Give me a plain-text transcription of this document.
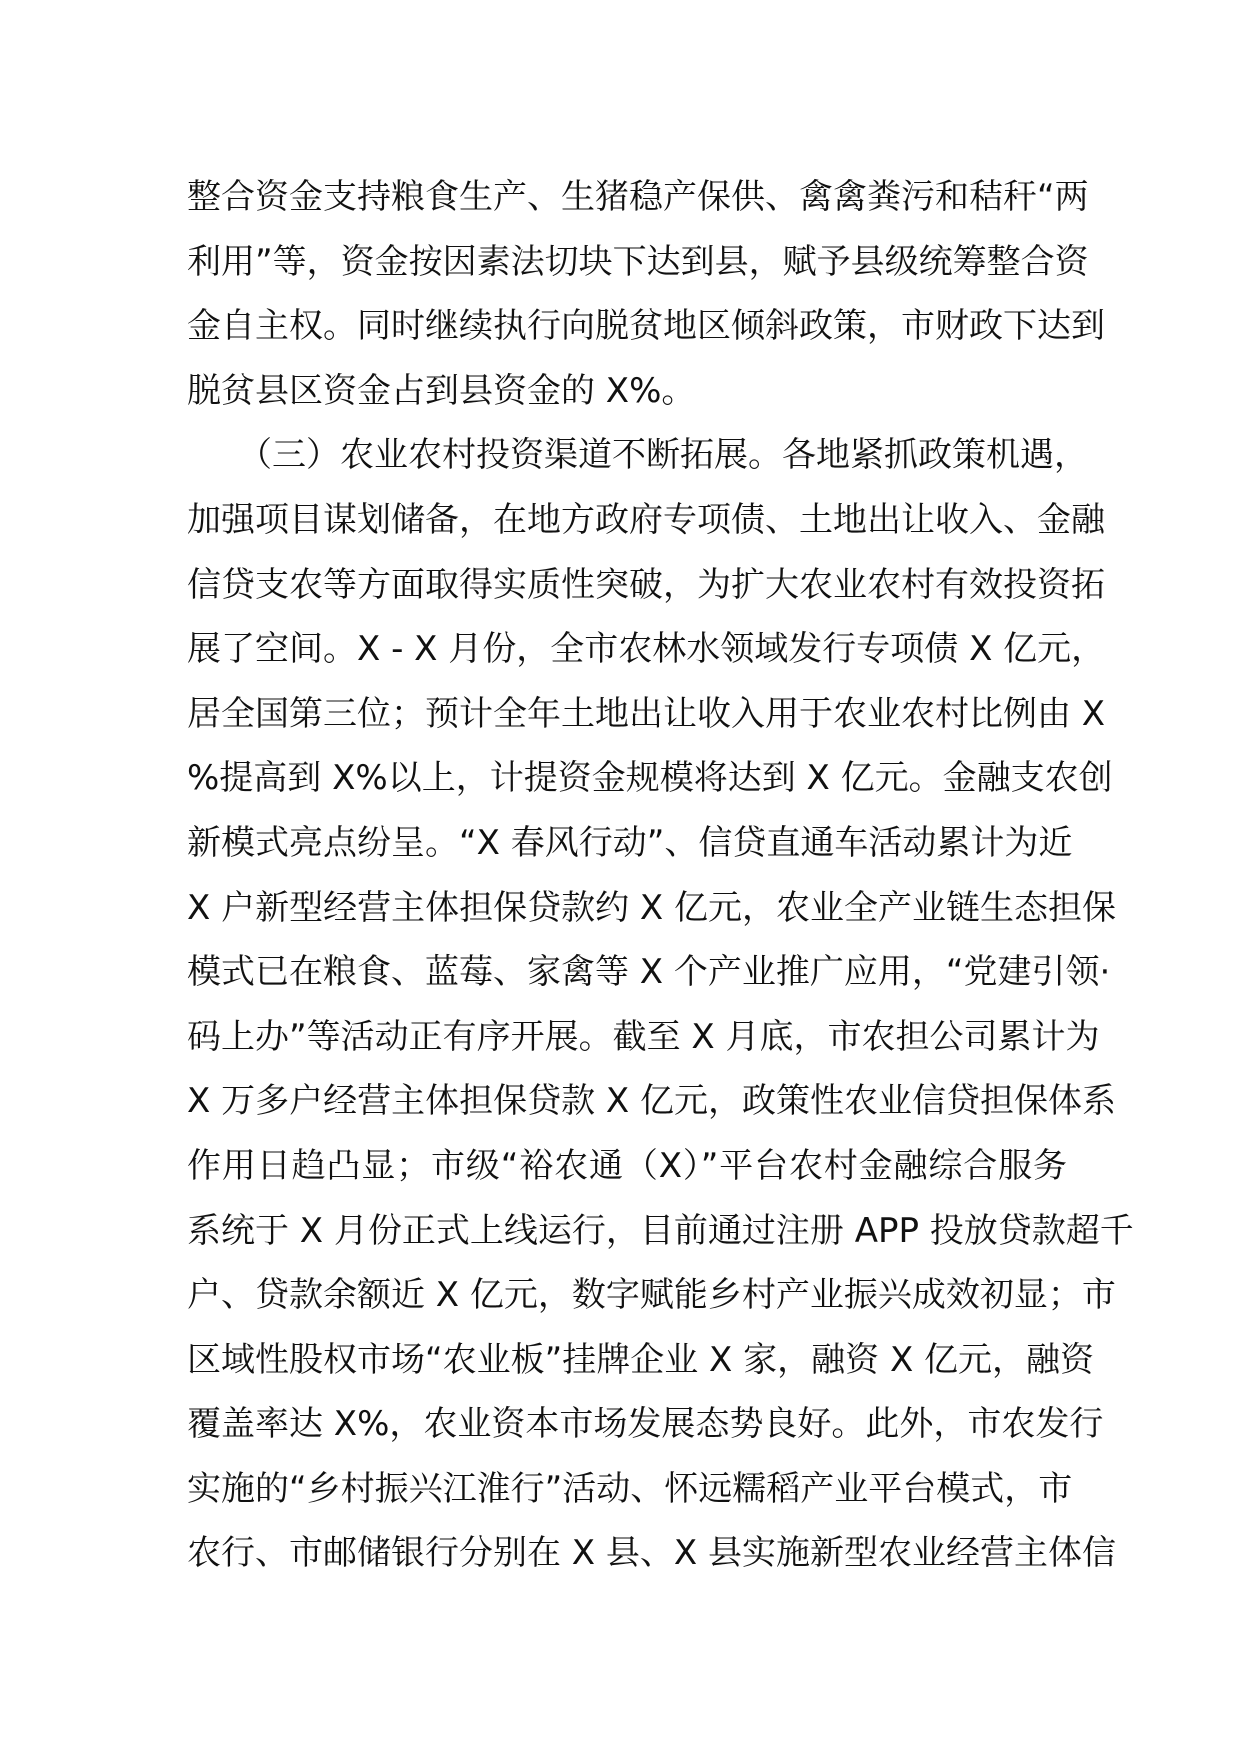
整合资金支持粮食生产、生猪稳产保供、禽禽粪污和秸秆“两
利用”等，资金按因素法切块下达到县，赋予县级统筹整合资
金自主权。同时继续执行向脱贫地区倾斜政策，市财政下达到
脱贫县区资金占到县资金的 X%。
　　（三）农业农村投资渠道不断拓展。各地紧抓政策机遇，
加强项目谋划储备，在地方政府专项债、土地出让收入、金融
信贷支农等方面取得实质性突破，为扩大农业农村有效投资拓
展了空间。X - X 月份，全市农林水领域发行专项债 X 亿元，
居全国第三位；预计全年土地出让收入用于农业农村比例由 X
%提高到 X%以上，计提资金规模将达到 X 亿元。金融支农创
新模式亮点纷呈。“X 春风行动”、信贷直通车活动累计为近
X 户新型经营主体担保贷款约 X 亿元，农业全产业链生态担保
模式已在粮食、蓝莓、家禽等 X 个产业推广应用，“党建引领·
码上办”等活动正有序开展。截至 X 月底，市农担公司累计为
X 万多户经营主体担保贷款 X 亿元，政策性农业信贷担保体系
作用日趋凸显；市级“裕农通（X）”平台农村金融综合服务
系统于 X 月份正式上线运行，目前通过注册 APP 投放贷款超千
户、贷款余额近 X 亿元，数字赋能乡村产业振兴成效初显；市
区域性股权市场“农业板”挂牌企业 X 家，融资 X 亿元，融资
覆盖率达 X%，农业资本市场发展态势良好。此外，市农发行
实施的“乡村振兴江淮行”活动、怀远糯稻产业平台模式，市
农行、市邮储银行分别在 X 县、X 县实施新型农业经营主体信
